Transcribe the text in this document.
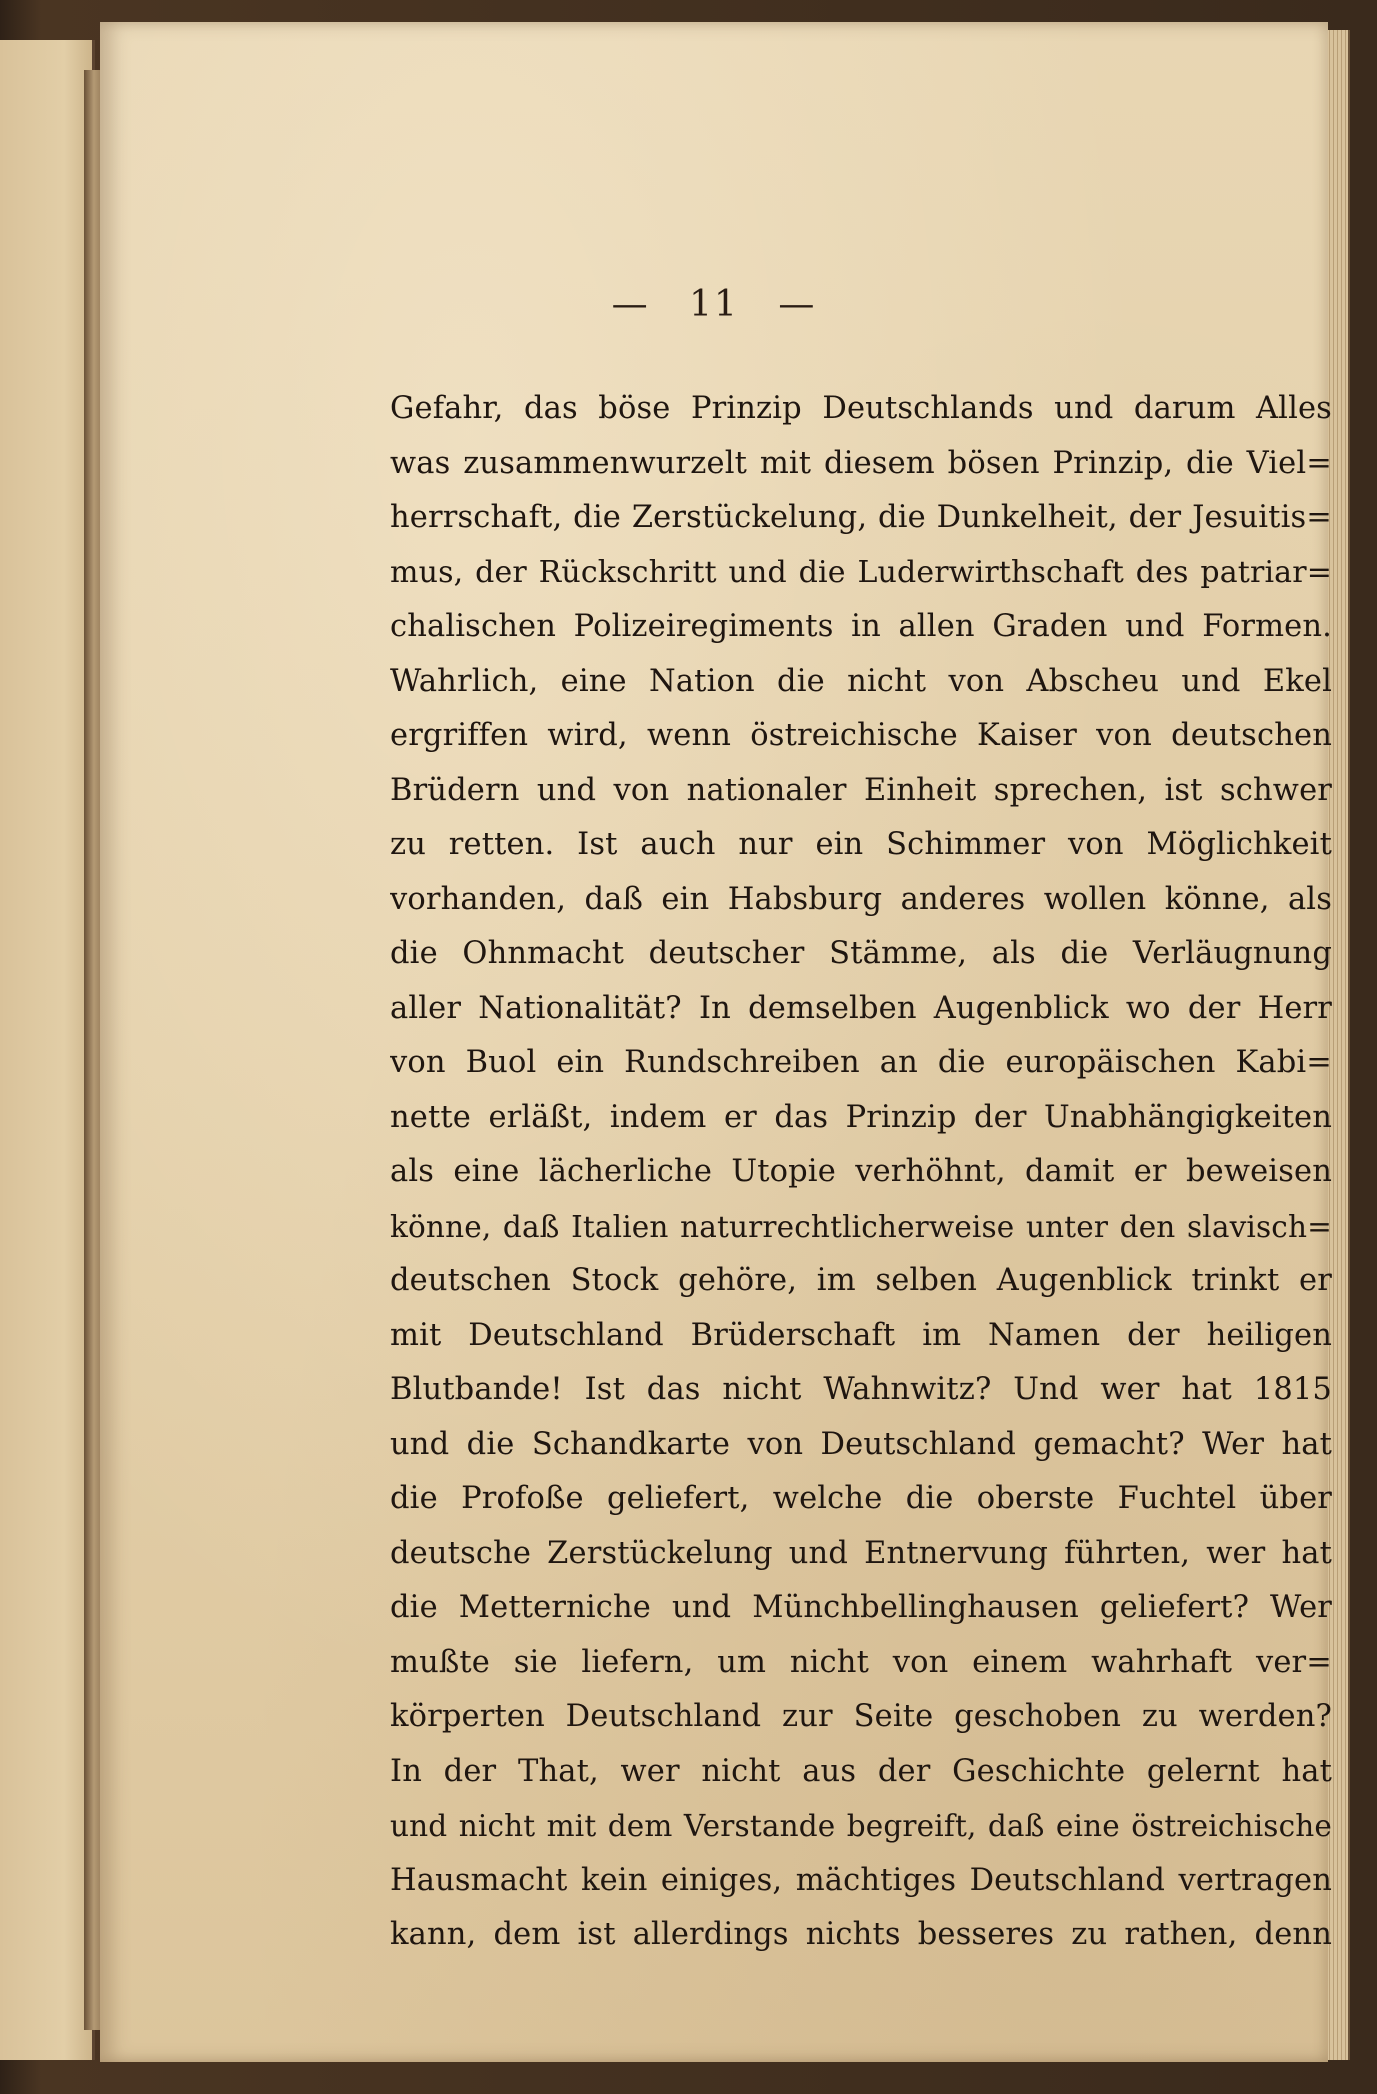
— 11 —
Gefahr, das böse Prinzip Deutschlands und darum Alles
was zusammenwurzelt mit diesem bösen Prinzip, die Viel=
herrschaft, die Zerstückelung, die Dunkelheit, der Jesuitis=
mus, der Rückschritt und die Luderwirthschaft des patriar=
chalischen Polizeiregiments in allen Graden und Formen.
Wahrlich, eine Nation die nicht von Abscheu und Ekel
ergriffen wird, wenn östreichische Kaiser von deutschen
Brüdern und von nationaler Einheit sprechen, ist schwer
zu retten. Ist auch nur ein Schimmer von Möglichkeit
vorhanden, daß ein Habsburg anderes wollen könne, als
die Ohnmacht deutscher Stämme, als die Verläugnung
aller Nationalität? In demselben Augenblick wo der Herr
von Buol ein Rundschreiben an die europäischen Kabi=
nette erläßt, indem er das Prinzip der Unabhängigkeiten
als eine lächerliche Utopie verhöhnt, damit er beweisen
könne, daß Italien naturrechtlicherweise unter den slavisch=
deutschen Stock gehöre, im selben Augenblick trinkt er
mit Deutschland Brüderschaft im Namen der heiligen
Blutbande! Ist das nicht Wahnwitz? Und wer hat 1815
und die Schandkarte von Deutschland gemacht? Wer hat
die Profoße geliefert, welche die oberste Fuchtel über
deutsche Zerstückelung und Entnervung führten, wer hat
die Metterniche und Münchbellinghausen geliefert? Wer
mußte sie liefern, um nicht von einem wahrhaft ver=
körperten Deutschland zur Seite geschoben zu werden?
In der That, wer nicht aus der Geschichte gelernt hat
und nicht mit dem Verstande begreift, daß eine östreichische
Hausmacht kein einiges, mächtiges Deutschland vertragen
kann, dem ist allerdings nichts besseres zu rathen, denn
